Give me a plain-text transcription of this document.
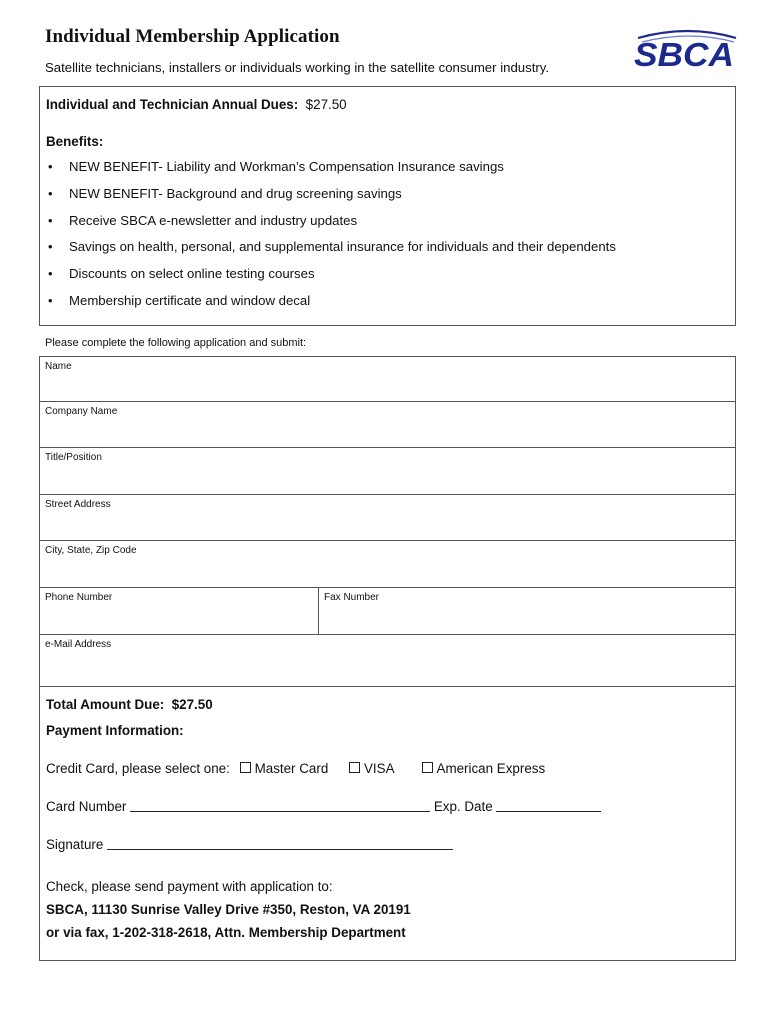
Individual Membership Application
Satellite technicians, installers or individuals working in the satellite consumer industry.	SBCA
Individual and Technician Annual Dues: $27.50
Benefits:
• NEW BENEFIT- Liability and Workman’s Compensation Insurance savings
• NEW BENEFIT- Background and drug screening savings
• Receive SBCA e-newsletter and industry updates
• Savings on health, personal, and supplemental insurance for individuals and their dependents
• Discounts on select online testing courses
• Membership certificate and window decal
Please complete the following application and submit:
Name
Company Name
Title/Position
Street Address
City, State, Zip Code
Phone Number	Fax Number
e-Mail Address
Total Amount Due: $27.50
Payment Information:
Credit Card, please select one: Master Card	VISA	American Express
Card Number	Exp. Date
Signature
Check, please send payment with application to:
SBCA, 11130 Sunrise Valley Drive #350, Reston, VA 20191
or via fax, 1-202-318-2618, Attn. Membership Department
